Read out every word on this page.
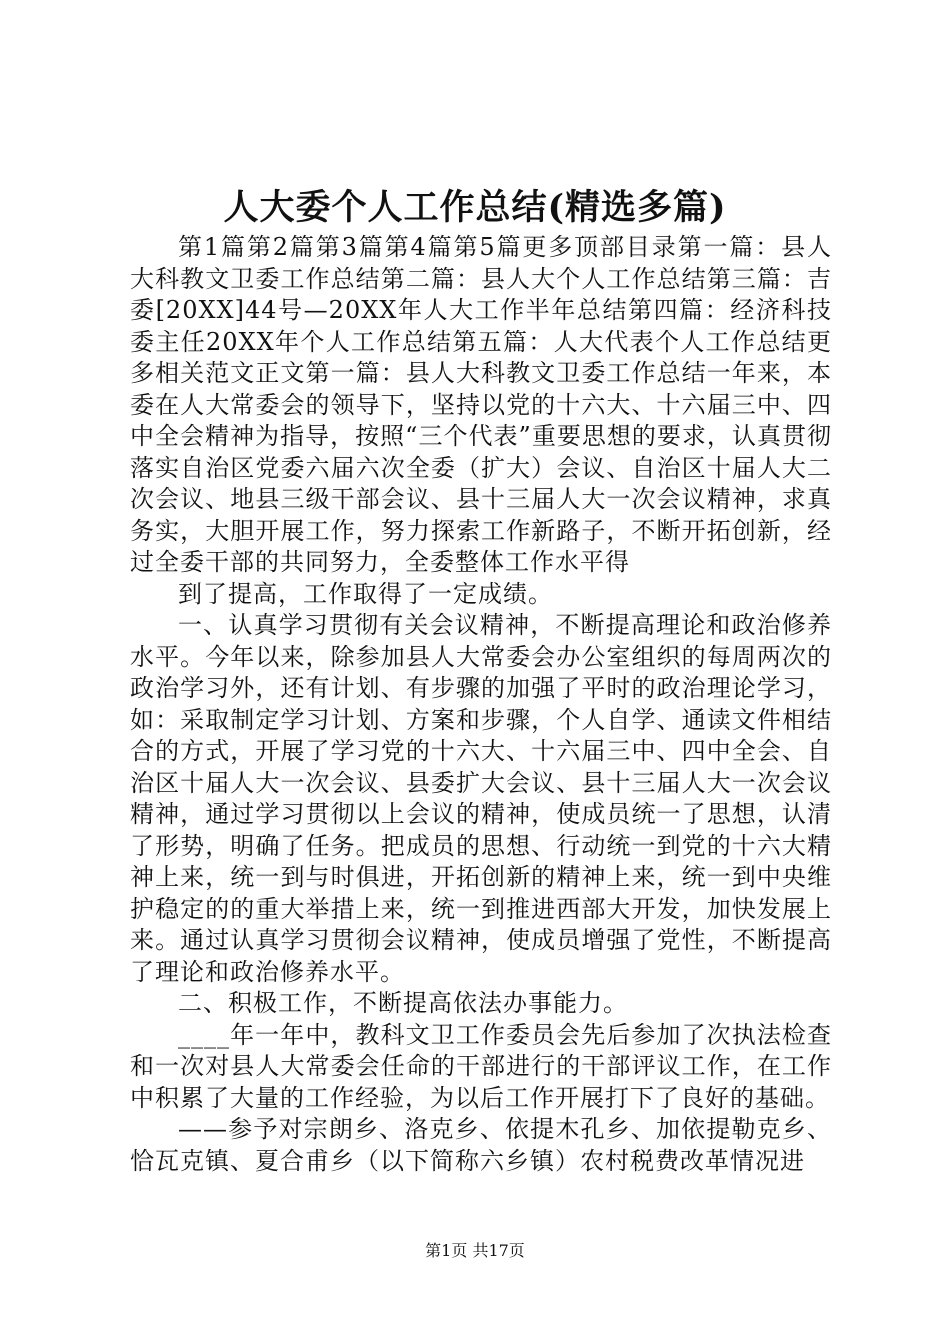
人大委个人工作总结(精选多篇)

第1篇第2篇第3篇第4篇第5篇更多顶部目录第一篇：县人大科教文卫委工作总结第二篇：县人大个人工作总结第三篇：吉委[20XX]44号—20XX年人大工作半年总结第四篇：经济科技委主任20XX年个人工作总结第五篇：人大代表个人工作总结更多相关范文正文第一篇：县人大科教文卫委工作总结一年来，本委在人大常委会的领导下，坚持以党的十六大、十六届三中、四中全会精神为指导，按照“三个代表”重要思想的要求，认真贯彻落实自治区党委六届六次全委（扩大）会议、自治区十届人大二次会议、地县三级干部会议、县十三届人大一次会议精神，求真务实，大胆开展工作，努力探索工作新路子，不断开拓创新，经过全委干部的共同努力，全委整体工作水平得

到了提高，工作取得了一定成绩。

一、认真学习贯彻有关会议精神，不断提高理论和政治修养水平。今年以来，除参加县人大常委会办公室组织的每周两次的政治学习外，还有计划、有步骤的加强了平时的政治理论学习，如：采取制定学习计划、方案和步骤，个人自学、通读文件相结合的方式，开展了学习党的十六大、十六届三中、四中全会、自治区十届人大一次会议、县委扩大会议、县十三届人大一次会议精神，通过学习贯彻以上会议的精神，使成员统一了思想，认清了形势，明确了任务。把成员的思想、行动统一到党的十六大精神上来，统一到与时俱进，开拓创新的精神上来，统一到中央维护稳定的的重大举措上来，统一到推进西部大开发，加快发展上来。通过认真学习贯彻会议精神，使成员增强了党性，不断提高了理论和政治修养水平。

二、积极工作，不断提高依法办事能力。

____年一年中，教科文卫工作委员会先后参加了次执法检查和一次对县人大常委会任命的干部进行的干部评议工作，在工作中积累了大量的工作经验，为以后工作开展打下了良好的基础。

——参予对宗朗乡、洛克乡、依提木孔乡、加依提勒克乡、恰瓦克镇、夏合甫乡（以下简称六乡镇）农村税费改革情况进

第1页 共17页
